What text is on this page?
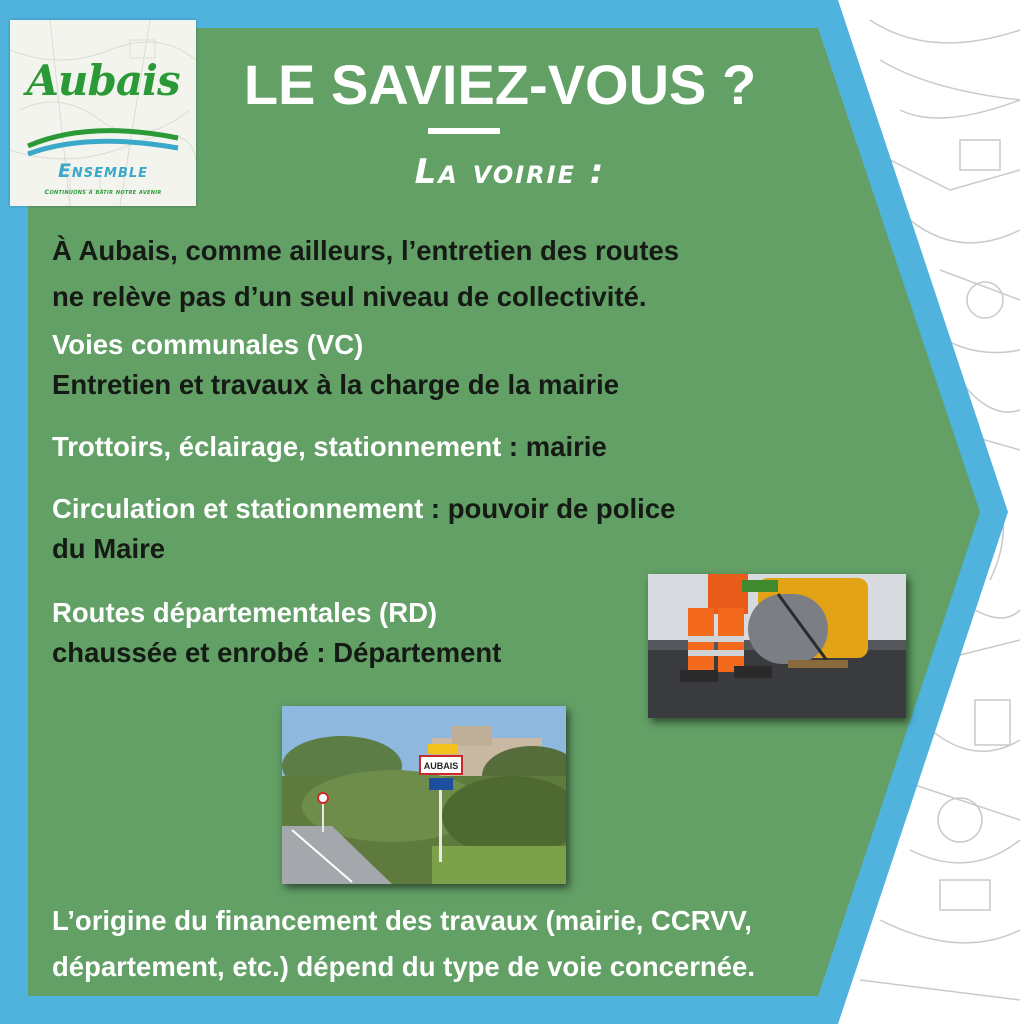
Aubais
Ensemble
Continuons à bâtir notre avenir
LE SAVIEZ-VOUS ?
La voirie :
À Aubais, comme ailleurs, l’entretien des routes
ne relève pas d’un seul niveau de collectivité.
Voies communales (VC)
Entretien et travaux à la charge de la mairie
Trottoirs, éclairage, stationnement : mairie
Circulation et stationnement : pouvoir de police
du Maire
Routes départementales (RD)
chaussée et enrobé : Département
AUBAIS
L’origine du financement des travaux (mairie, CCRVV,
département, etc.) dépend du type de voie concernée.
